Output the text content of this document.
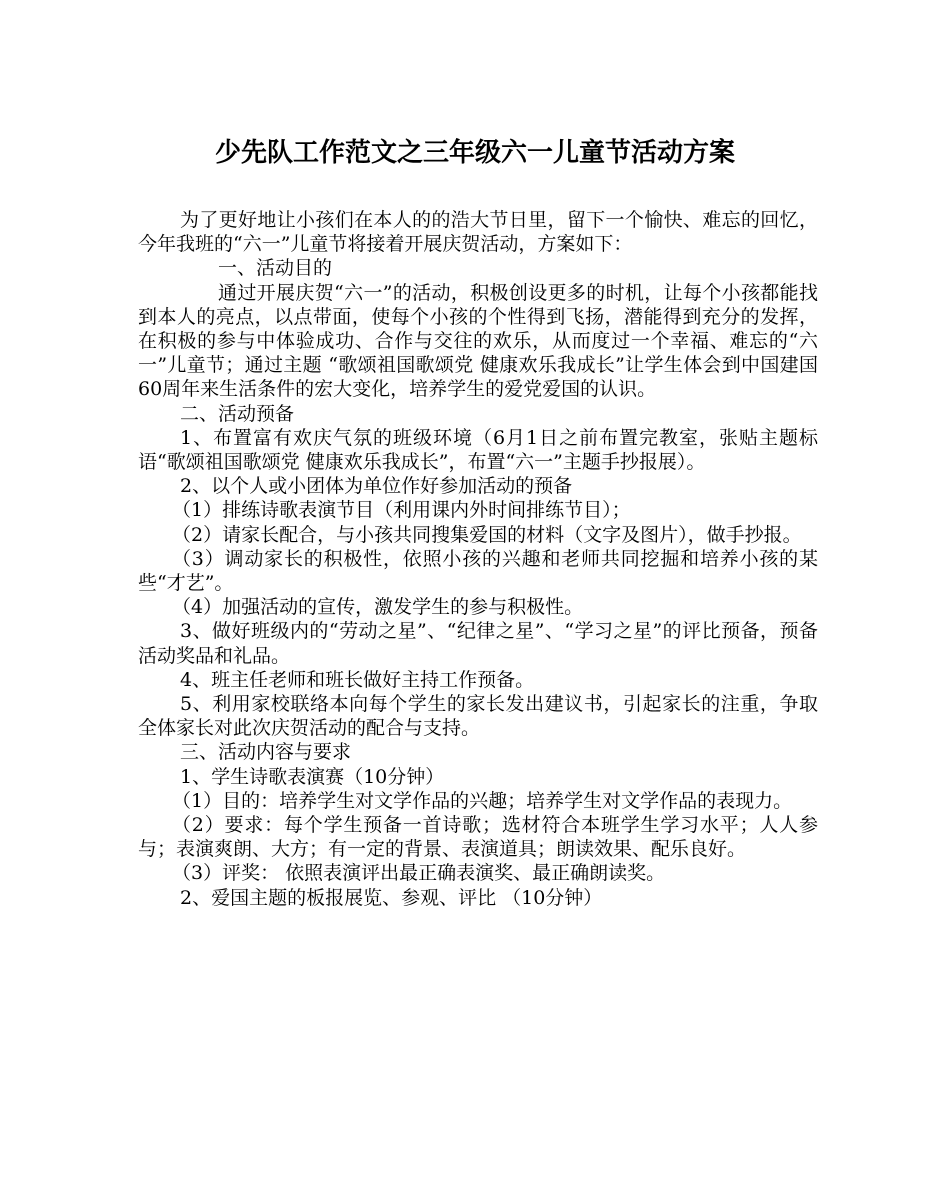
少先队工作范文之三年级六一儿童节活动方案

为了更好地让小孩们在本人的的浩大节日里，留下一个愉快、难忘的回忆，今年我班的“六一”儿童节将接着开展庆贺活动，方案如下：

一、活动目的

通过开展庆贺“六一”的活动，积极创设更多的时机，让每个小孩都能找到本人的亮点，以点带面，使每个小孩的个性得到飞扬，潜能得到充分的发挥，在积极的参与中体验成功、合作与交往的欢乐，从而度过一个幸福、难忘的“六一”儿童节；通过主题 “歌颂祖国歌颂党 健康欢乐我成长”让学生体会到中国建国60周年来生活条件的宏大变化，培养学生的爱党爱国的认识。

二、活动预备

1、布置富有欢庆气氛的班级环境（6月1日之前布置完教室，张贴主题标语“歌颂祖国歌颂党 健康欢乐我成长”，布置“六一”主题手抄报展）。

2、以个人或小团体为单位作好参加活动的预备

（1）排练诗歌表演节目（利用课内外时间排练节目）；

（2）请家长配合，与小孩共同搜集爱国的材料（文字及图片），做手抄报。

（3）调动家长的积极性，依照小孩的兴趣和老师共同挖掘和培养小孩的某些“才艺”。

（4）加强活动的宣传，激发学生的参与积极性。

3、做好班级内的“劳动之星”、“纪律之星”、“学习之星”的评比预备，预备活动奖品和礼品。

4、班主任老师和班长做好主持工作预备。

5、利用家校联络本向每个学生的家长发出建议书，引起家长的注重，争取全体家长对此次庆贺活动的配合与支持。

三、活动内容与要求

1、学生诗歌表演赛（10分钟）

（1）目的：培养学生对文学作品的兴趣；培养学生对文学作品的表现力。

（2）要求：每个学生预备一首诗歌；选材符合本班学生学习水平；人人参与；表演爽朗、大方；有一定的背景、表演道具；朗读效果、配乐良好。

（3）评奖： 依照表演评出最正确表演奖、最正确朗读奖。

2、爱国主题的板报展览、参观、评比 （10分钟）
